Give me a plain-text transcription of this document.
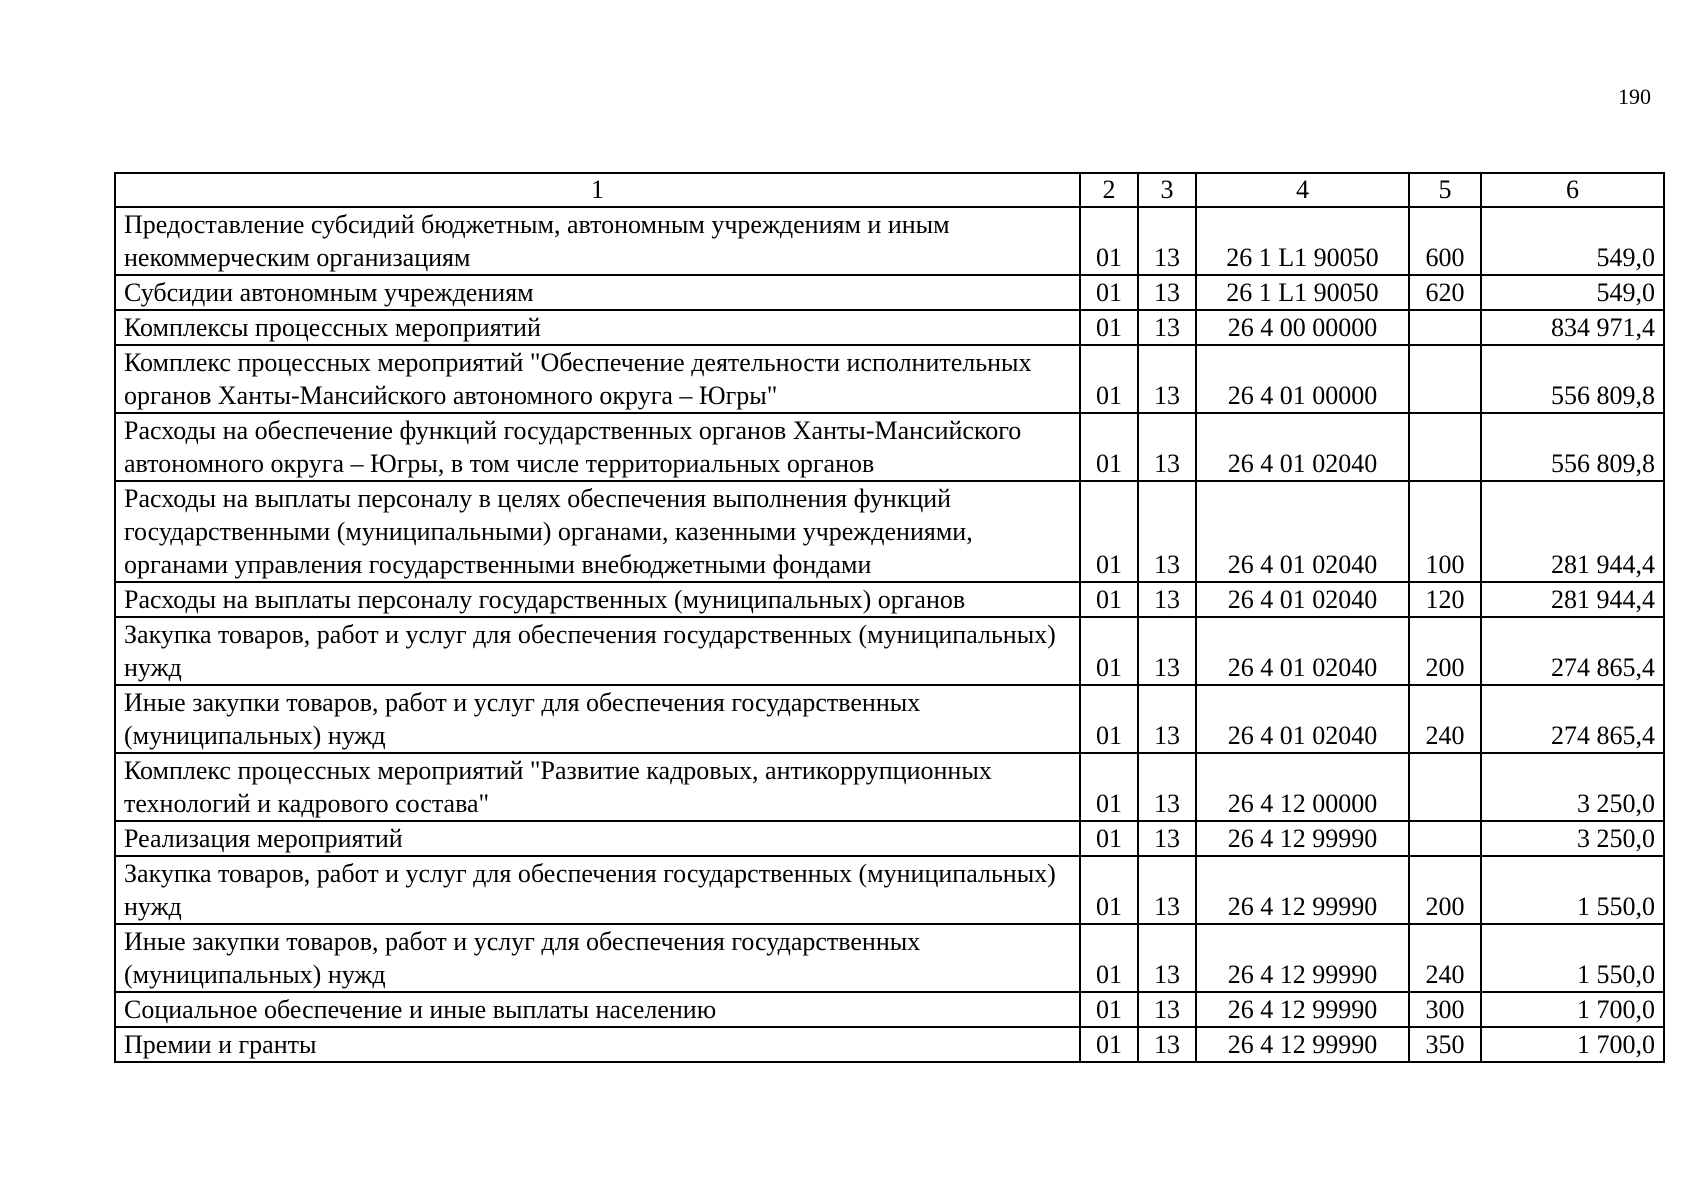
190
1	2	3	4	5	6
Предоставление субсидий бюджетным, автономным учреждениям и иным некоммерческим организациям	01	13	26 1 L1 90050	600	549,0
Субсидии автономным учреждениям	01	13	26 1 L1 90050	620	549,0
Комплексы процессных мероприятий	01	13	26 4 00 00000		834 971,4
Комплекс процессных мероприятий "Обеспечение деятельности исполнительных органов Ханты-Мансийского автономного округа – Югры"	01	13	26 4 01 00000		556 809,8
Расходы на обеспечение функций государственных органов Ханты-Мансийского автономного округа – Югры, в том числе территориальных органов	01	13	26 4 01 02040		556 809,8
Расходы на выплаты персоналу в целях обеспечения выполнения функций государственными (муниципальными) органами, казенными учреждениями, органами управления государственными внебюджетными фондами	01	13	26 4 01 02040	100	281 944,4
Расходы на выплаты персоналу государственных (муниципальных) органов	01	13	26 4 01 02040	120	281 944,4
Закупка товаров, работ и услуг для обеспечения государственных (муниципальных) нужд	01	13	26 4 01 02040	200	274 865,4
Иные закупки товаров, работ и услуг для обеспечения государственных (муниципальных) нужд	01	13	26 4 01 02040	240	274 865,4
Комплекс процессных мероприятий "Развитие кадровых, антикоррупционных технологий и кадрового состава"	01	13	26 4 12 00000		3 250,0
Реализация мероприятий	01	13	26 4 12 99990		3 250,0
Закупка товаров, работ и услуг для обеспечения государственных (муниципальных) нужд	01	13	26 4 12 99990	200	1 550,0
Иные закупки товаров, работ и услуг для обеспечения государственных (муниципальных) нужд	01	13	26 4 12 99990	240	1 550,0
Социальное обеспечение и иные выплаты населению	01	13	26 4 12 99990	300	1 700,0
Премии и гранты	01	13	26 4 12 99990	350	1 700,0
